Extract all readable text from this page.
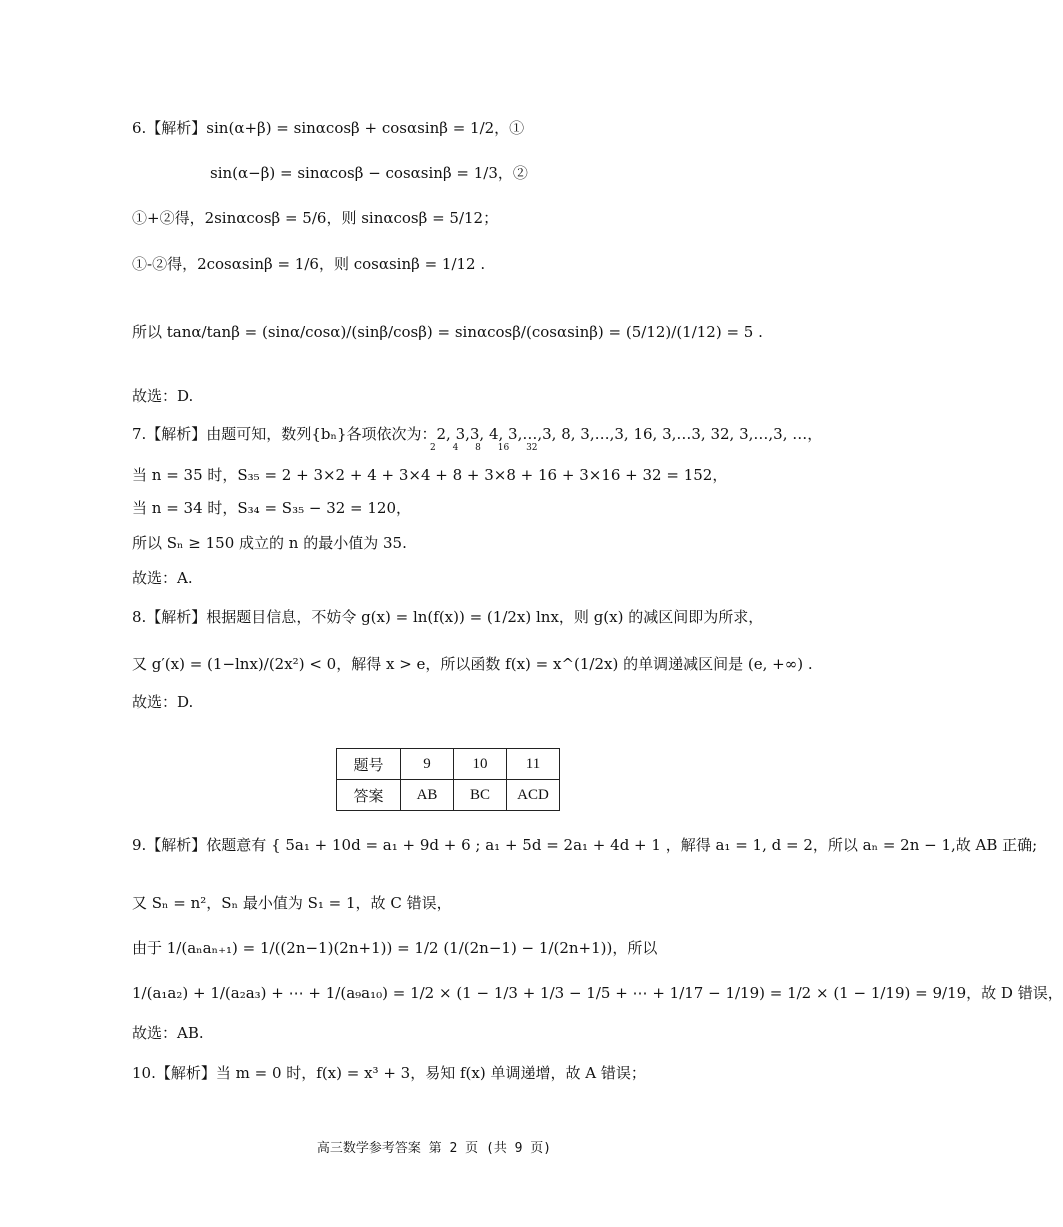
6.【解析】sin(α+β) = sinαcosβ + cosαsinβ = 1/2，①
sin(α−β) = sinαcosβ − cosαsinβ = 1/3，②
①+②得，2sinαcosβ = 5/6，则 sinαcosβ = 5/12；
①-②得，2cosαsinβ = 1/6，则 cosαsinβ = 1/12 .
所以 tanα/tanβ = (sinα/cosα)/(sinβ/cosβ) = sinαcosβ/(cosαsinβ) = (5/12)/(1/12) = 5 .
故选：D.
7.【解析】由题可知，数列{bₙ}各项依次为：2, 3,3, 4, 3,…,3, 8, 3,…,3, 16, 3,…3, 32, 3,…,3, …，
2 4 8 16 32
当 n = 35 时，S₃₅ = 2 + 3×2 + 4 + 3×4 + 8 + 3×8 + 16 + 3×16 + 32 = 152，
当 n = 34 时，S₃₄ = S₃₅ − 32 = 120，
所以 Sₙ ≥ 150 成立的 n 的最小值为 35.
故选：A.
8.【解析】根据题目信息，不妨令 g(x) = ln(f(x)) = (1/2x) lnx，则 g(x) 的减区间即为所求，
又 g′(x) = (1−lnx)/(2x²) < 0，解得 x > e，所以函数 f(x) = x^(1/2x) 的单调递减区间是 (e, +∞) .
故选：D.
题号	9	10	11
答案	AB	BC	ACD
9.【解析】依题意有 { 5a₁ + 10d = a₁ + 9d + 6 ; a₁ + 5d = 2a₁ + 4d + 1 ，解得 a₁ = 1, d = 2，所以 aₙ = 2n − 1,故 AB 正确;
又 Sₙ = n²，Sₙ 最小值为 S₁ = 1，故 C 错误，
由于 1/(aₙaₙ₊₁) = 1/((2n−1)(2n+1)) = 1/2 (1/(2n−1) − 1/(2n+1))，所以
1/(a₁a₂) + 1/(a₂a₃) + ⋯ + 1/(a₉a₁₀) = 1/2 × (1 − 1/3 + 1/3 − 1/5 + ⋯ + 1/17 − 1/19) = 1/2 × (1 − 1/19) = 9/19，故 D 错误，
故选：AB.
10.【解析】当 m = 0 时，f(x) = x³ + 3，易知 f(x) 单调递增，故 A 错误；
高三数学参考答案 第 2 页 (共 9 页)
